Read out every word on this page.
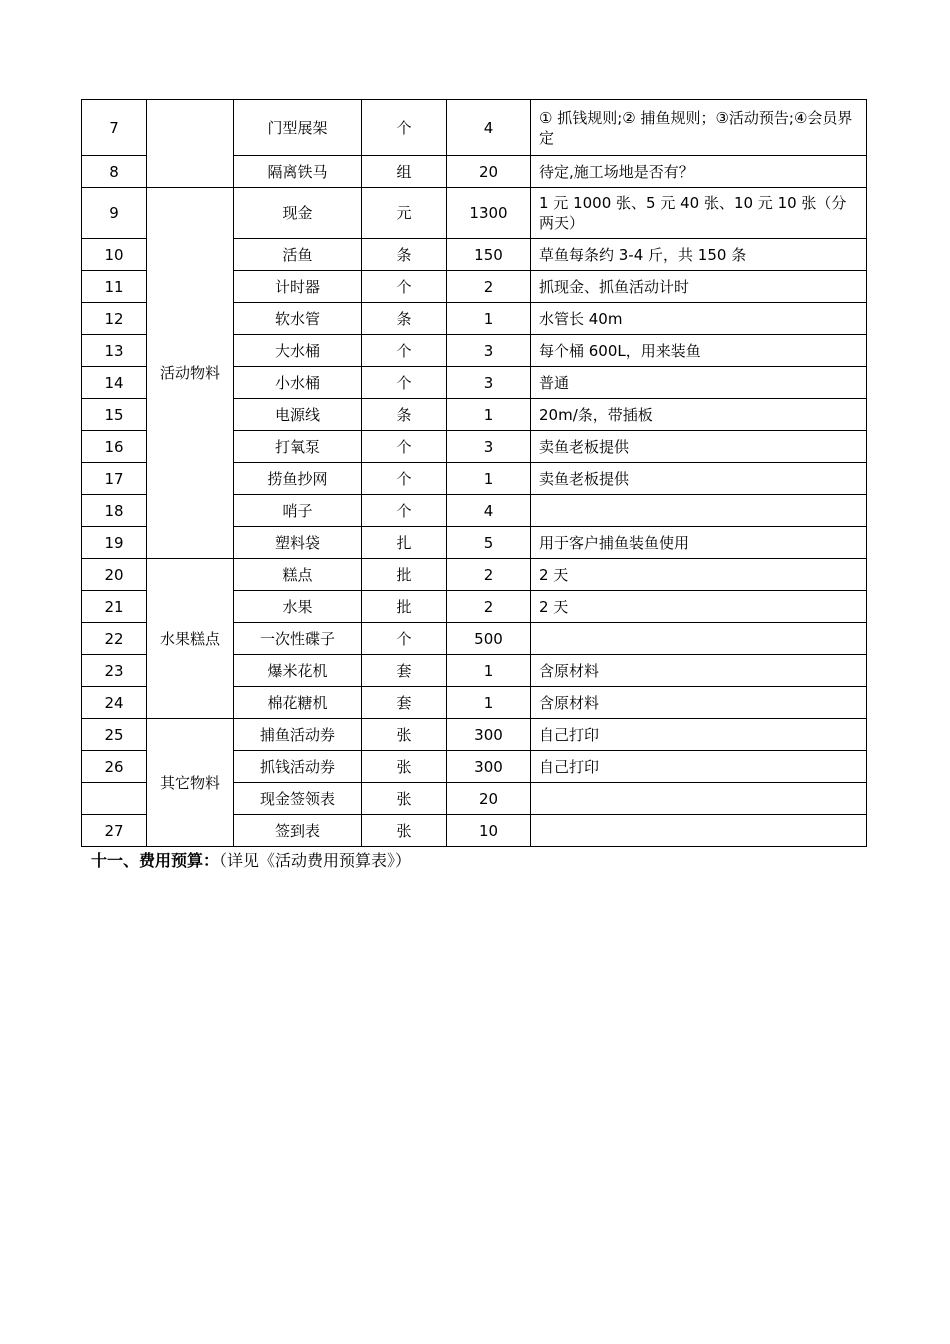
7		门型展架	个	4	① 抓钱规则;② 捕鱼规则；③活动预告;④会员界定
8		隔离铁马	组	20	待定,施工场地是否有？
9	活动物料	现金	元	1300	1 元 1000 张、5 元 40 张、10 元 10 张（分两天）
10		活鱼	条	150	草鱼每条约 3-4 斤，共 150 条
11		计时器	个	2	抓现金、抓鱼活动计时
12		软水管	条	1	水管长 40m
13		大水桶	个	3	每个桶 600L，用来装鱼
14		小水桶	个	3	普通
15		电源线	条	1	20m/条，带插板
16		打氧泵	个	3	卖鱼老板提供
17		捞鱼抄网	个	1	卖鱼老板提供
18		哨子	个	4	
19		塑料袋	扎	5	用于客户捕鱼装鱼使用
20	水果糕点	糕点	批	2	2 天
21		水果	批	2	2 天
22		一次性碟子	个	500	
23		爆米花机	套	1	含原材料
24		棉花糖机	套	1	含原材料
25	其它物料	捕鱼活动券	张	300	自己打印
26		抓钱活动券	张	300	自己打印
		现金签领表	张	20	
27		签到表	张	10	
十一、费用预算：（详见《活动费用预算表》）
